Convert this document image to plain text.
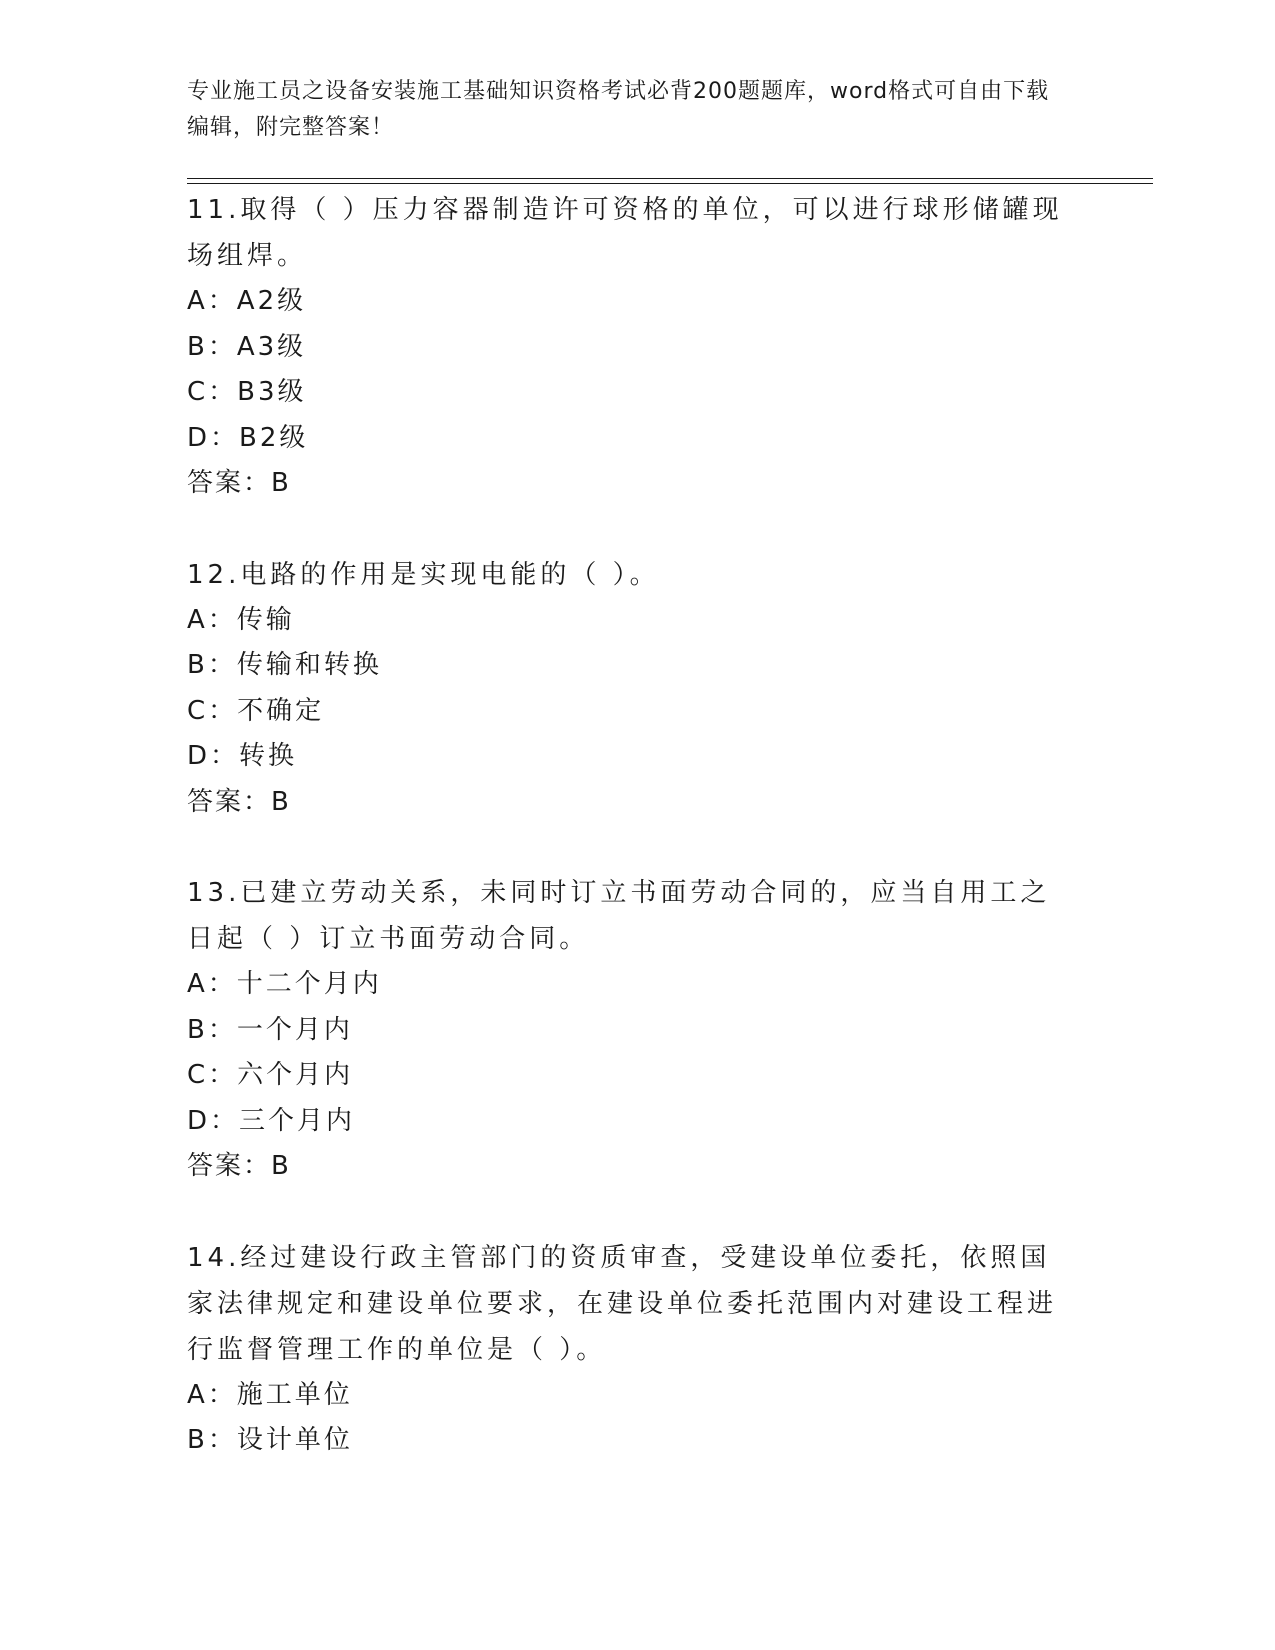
专业施工员之设备安装施工基础知识资格考试必背200题题库，word格式可自由下载编辑，附完整答案！
11.取得（ ）压力容器制造许可资格的单位，可以进行球形储罐现场组焊。
A：A2级
B：A3级
C：B3级
D：B2级
答案：B
12.电路的作用是实现电能的（ ）。
A：传输
B：传输和转换
C：不确定
D：转换
答案：B
13.已建立劳动关系，未同时订立书面劳动合同的，应当自用工之日起（ ）订立书面劳动合同。
A：十二个月内
B：一个月内
C：六个月内
D：三个月内
答案：B
14.经过建设行政主管部门的资质审查，受建设单位委托，依照国家法律规定和建设单位要求，在建设单位委托范围内对建设工程进行监督管理工作的单位是（ ）。
A：施工单位
B：设计单位
